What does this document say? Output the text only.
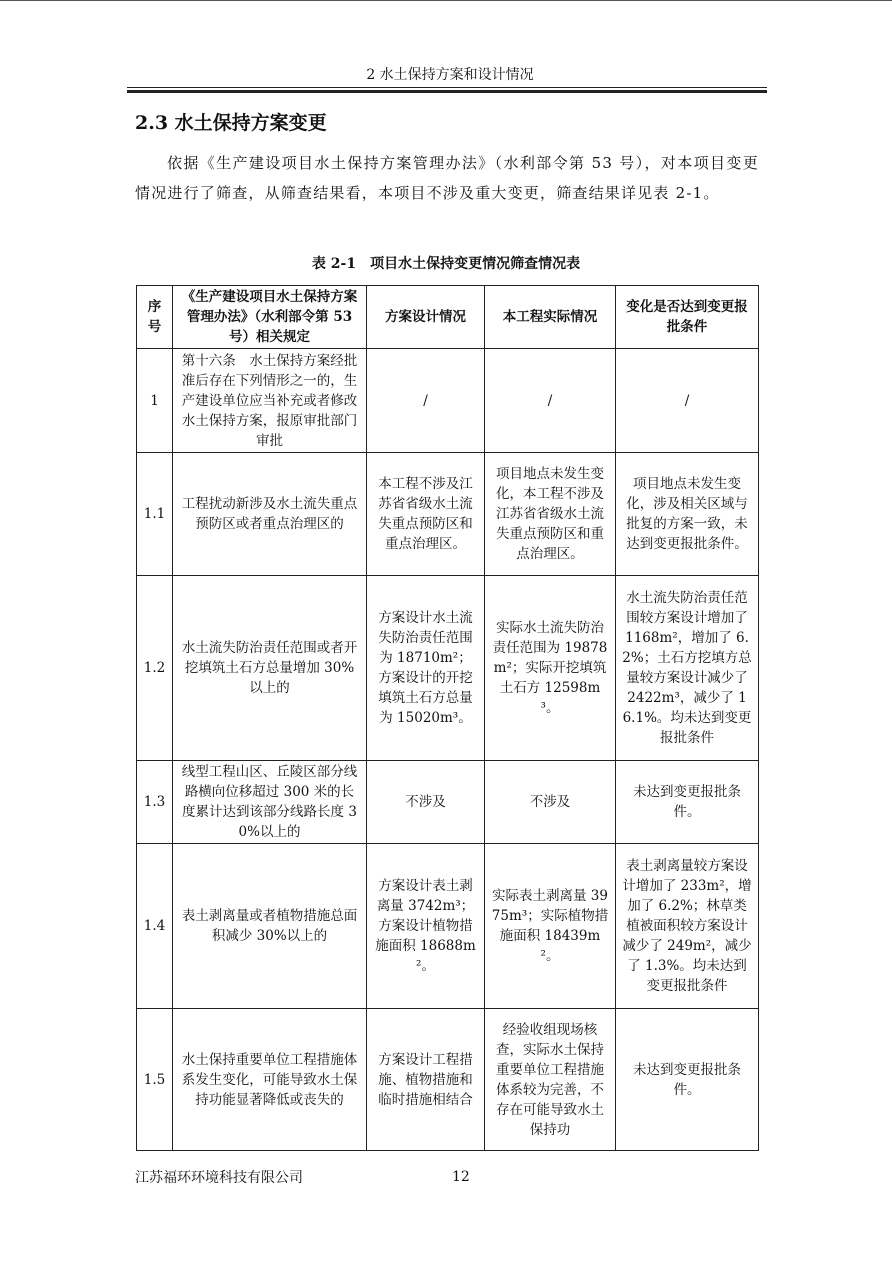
2 水土保持方案和设计情况
2.3 水土保持方案变更

依据《生产建设项目水土保持方案管理办法》（水利部令第 53 号），对本项目变更情况进行了筛查，从筛查结果看，本项目不涉及重大变更，筛查结果详见表 2-1。

表 2-1　项目水土保持变更情况筛查情况表
序号	《生产建设项目水土保持方案管理办法》（水利部令第 53 号）相关规定	方案设计情况	本工程实际情况	变化是否达到变更报批条件
1	第十六条　水土保持方案经批准后存在下列情形之一的，生产建设单位应当补充或者修改水土保持方案，报原审批部门审批	/	/	/
1.1	工程扰动新涉及水土流失重点预防区或者重点治理区的	本工程不涉及江苏省省级水土流失重点预防区和重点治理区。	项目地点未发生变化，本工程不涉及江苏省省级水土流失重点预防区和重点治理区。	项目地点未发生变化，涉及相关区域与批复的方案一致，未达到变更报批条件。
1.2	水土流失防治责任范围或者开挖填筑土石方总量增加 30%以上的	方案设计水土流失防治责任范围为 18710m²；方案设计的开挖填筑土石方总量为 15020m³。	实际水土流失防治责任范围为 19878m²；实际开挖填筑土石方 12598m³。	水土流失防治责任范围较方案设计增加了 1168m²，增加了 6.2%；土石方挖填方总量较方案设计减少了 2422m³，减少了 16.1%。均未达到变更报批条件
1.3	线型工程山区、丘陵区部分线路横向位移超过 300 米的长度累计达到该部分线路长度 30%以上的	不涉及	不涉及	未达到变更报批条件。
1.4	表土剥离量或者植物措施总面积减少 30%以上的	方案设计表土剥离量 3742m³；方案设计植物措施面积 18688m²。	实际表土剥离量 3975m³；实际植物措施面积 18439m²。	表土剥离量较方案设计增加了 233m²，增加了 6.2%；林草类植被面积较方案设计减少了 249m²，减少了 1.3%。均未达到变更报批条件
1.5	水土保持重要单位工程措施体系发生变化，可能导致水土保持功能显著降低或丧失的	方案设计工程措施、植物措施和临时措施相结合	经验收组现场核查，实际水土保持重要单位工程措施体系较为完善，不存在可能导致水土保持功	未达到变更报批条件。
江苏福环环境科技有限公司	12
